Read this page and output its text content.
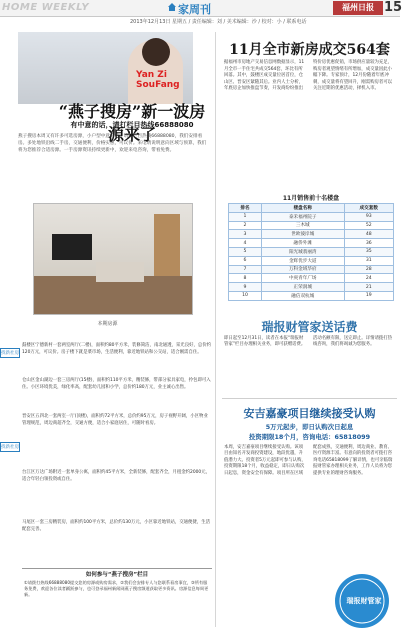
HOME WEEKLY	家周刊	福州日报 15
2013年12月13日 星期五 / 责任编辑：刘 / 美术编辑：沙 / 校对：小 / 联系电话
Yan Zi SouFang
“燕子搜房”新一波房源来了
有中意的话，请打栏目热线66888080
燕子搜房本周又有许多可选房源，小户型中意的话，请打栏目热线66888080，我们安排看房。多处地铁沿线二手房，交通便利，价格实惠，可议价。来电请说明意向区域与预算，我们将为您推荐合适房源。一手房源资讯持续更新中，欢迎来电咨询，带看免费。
本期房源
找新社房
找新社房
鼓楼区宁德新村一套两室两厅(二楼)，面积约80平方米，装修简洁，南北通透，采光良好，总价约120万元，可议价。房子楼下就是菜市场，生活便利，靠近地铁站和公交站，适合刚需自住。
仓山区金山湖边一套三房两厅(15楼)，面积约110平方米，精装修，带部分家具家电，拎包即可入住。小区环境优美，绿化率高，配套幼儿园和小学，总价约180万元，业主诚心出售。
晋安区五四北一套两室一厅(顶楼)，面积约72平方米，总价约95万元，房子视野开阔，小区物业管理规范，周边商超齐全，交通方便，适合小家庭居住，可随时看房。
台江区万达广场附近一套单身公寓，面积约45平方米，全新装修，配套齐全，月租金约2000元，适合年轻白领投资或自住。
马尾区一套三房精装房，面积约100平方米，总价约130万元，小区靠近地铁站，交通便捷，生活配套完善。
如何参与“燕子搜房”栏目
①请拨打热线66888080提交您的房源或购房需求，②我们会安排专人与您联系看房事宜，③所有服务免费，欢迎各位读者踊跃参与，也可登录福州新闻网燕子搜房频道获取更多资讯。房源信息每周更新。
11月全市新房成交564套
据福州市房地产交易信息网数据显示，11月全市一手住宅共成交564套，环比有所回落。其中，鼓楼区成交量位居首位，仓山区、晋安区紧随其后。业内人士分析，年底房企加快推盘节奏，开发商纷纷推出特价房优惠促销，市场供应量较为充足，购房者观望情绪有所增加，成交量因此小幅下降。专家预计，12月份随着年底冲刺，成交量将有望回升，刚需购房者可以关注近期的优惠活动，择机入市。
11月销售前十名楼盘
排名	楼盘名称	成交套数
1	泰禾福州院子	93
2	三木城	52
3	世欧彼岸城	48
4	融侨外滩	36
5	阳光城翡丽湾	35
6	金辉优步大道	31
7	万科金域华府	28
8	中庚青年广场	24
9	正荣润城	21
10	融信双杭城	19
瑞报财管家送话费
即日起至12月31日，读者在本报“瑞报财管家”栏目办理相关业务，即可获赠话费。活动名额有限，送完即止。详情请拨打热线咨询，我们将竭诚为您服务。
安吉嘉豪项目继续接受认购
5万元起步，即日认购次日起息
投资期限18个月，咨询电话：65818099
本周，安吉嘉豪项目继续接受认购。该项目由知名开发商投资建设，地段优越，升值潜力大。投资者5万元起即可参与认购，投资期限18个月，收益稳定，即日认购次日起息，资金安全有保障。项目所在区域配套成熟，交通便利，周边商业、教育、医疗资源丰富。有意向的投资者可拨打咨询电话65818099了解详情，也可亲临瑞报财管家办理相关业务，工作人员将为您提供专业的理财咨询服务。
瑞报财管家
